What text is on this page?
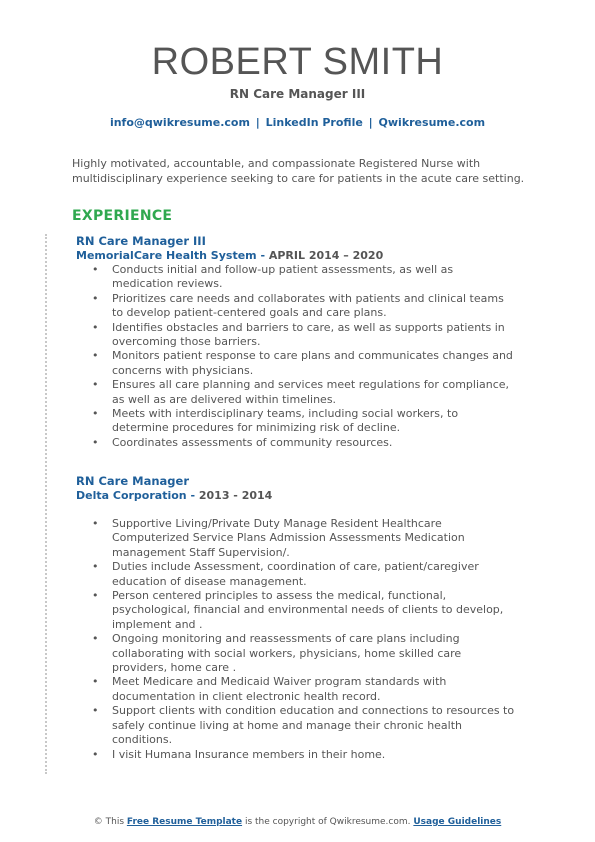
ROBERT SMITH
RN Care Manager III
info@qwikresume.com | LinkedIn Profile | Qwikresume.com
Highly motivated, accountable, and compassionate Registered Nurse with multidisciplinary experience seeking to care for patients in the acute care setting.
EXPERIENCE
RN Care Manager III
MemorialCare Health System - APRIL 2014 – 2020
• Conducts initial and follow-up patient assessments, as well as medication reviews.
• Prioritizes care needs and collaborates with patients and clinical teams to develop patient-centered goals and care plans.
• Identifies obstacles and barriers to care, as well as supports patients in overcoming those barriers.
• Monitors patient response to care plans and communicates changes and concerns with physicians.
• Ensures all care planning and services meet regulations for compliance, as well as are delivered within timelines.
• Meets with interdisciplinary teams, including social workers, to determine procedures for minimizing risk of decline.
• Coordinates assessments of community resources.
RN Care Manager
Delta Corporation - 2013 - 2014
• Supportive Living/Private Duty Manage Resident Healthcare Computerized Service Plans Admission Assessments Medication management Staff Supervision/.
• Duties include Assessment, coordination of care, patient/caregiver education of disease management.
• Person centered principles to assess the medical, functional, psychological, financial and environmental needs of clients to develop, implement and .
• Ongoing monitoring and reassessments of care plans including collaborating with social workers, physicians, home skilled care providers, home care .
• Meet Medicare and Medicaid Waiver program standards with documentation in client electronic health record.
• Support clients with condition education and connections to resources to safely continue living at home and manage their chronic health conditions.
• I visit Humana Insurance members in their home.
© This Free Resume Template is the copyright of Qwikresume.com. Usage Guidelines
